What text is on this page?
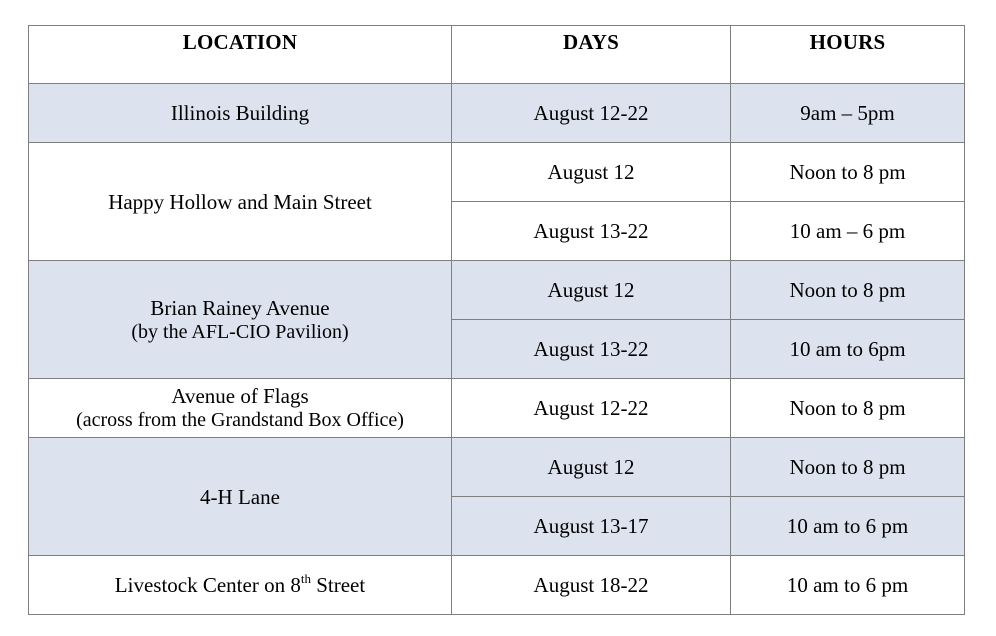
LOCATION	DAYS	HOURS

Illinois Building	August 12-22	9am – 5pm

Happy Hollow and Main Street	August 12	Noon to 8 pm
	August 13-22	10 am – 6 pm

Brian Rainey Avenue
(by the AFL-CIO Pavilion)	August 12	Noon to 8 pm
	August 13-22	10 am to 6pm

Avenue of Flags
(across from the Grandstand Box Office)	August 12-22	Noon to 8 pm

4-H Lane	August 12	Noon to 8 pm
	August 13-17	10 am to 6 pm

Livestock Center on 8th Street	August 18-22	10 am to 6 pm
